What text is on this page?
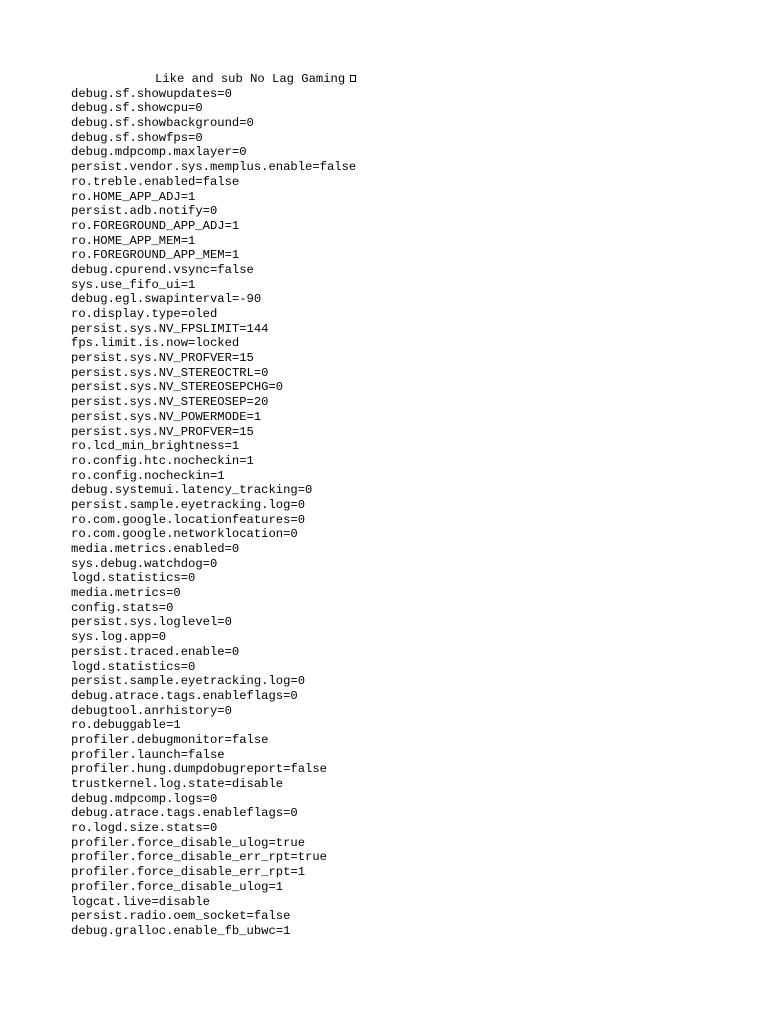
Like and sub No Lag Gaming
debug.sf.showupdates=0
debug.sf.showcpu=0
debug.sf.showbackground=0
debug.sf.showfps=0
debug.mdpcomp.maxlayer=0
persist.vendor.sys.memplus.enable=false
ro.treble.enabled=false
ro.HOME_APP_ADJ=1
persist.adb.notify=0
ro.FOREGROUND_APP_ADJ=1
ro.HOME_APP_MEM=1
ro.FOREGROUND_APP_MEM=1
debug.cpurend.vsync=false
sys.use_fifo_ui=1
debug.egl.swapinterval=-90
ro.display.type=oled
persist.sys.NV_FPSLIMIT=144
fps.limit.is.now=locked
persist.sys.NV_PROFVER=15
persist.sys.NV_STEREOCTRL=0
persist.sys.NV_STEREOSEPCHG=0
persist.sys.NV_STEREOSEP=20
persist.sys.NV_POWERMODE=1
persist.sys.NV_PROFVER=15
ro.lcd_min_brightness=1
ro.config.htc.nocheckin=1
ro.config.nocheckin=1
debug.systemui.latency_tracking=0
persist.sample.eyetracking.log=0
ro.com.google.locationfeatures=0
ro.com.google.networklocation=0
media.metrics.enabled=0
sys.debug.watchdog=0
logd.statistics=0
media.metrics=0
config.stats=0
persist.sys.loglevel=0
sys.log.app=0
persist.traced.enable=0
logd.statistics=0
persist.sample.eyetracking.log=0
debug.atrace.tags.enableflags=0
debugtool.anrhistory=0
ro.debuggable=1
profiler.debugmonitor=false
profiler.launch=false
profiler.hung.dumpdobugreport=false
trustkernel.log.state=disable
debug.mdpcomp.logs=0
debug.atrace.tags.enableflags=0
ro.logd.size.stats=0
profiler.force_disable_ulog=true
profiler.force_disable_err_rpt=true
profiler.force_disable_err_rpt=1
profiler.force_disable_ulog=1
logcat.live=disable
persist.radio.oem_socket=false
debug.gralloc.enable_fb_ubwc=1
